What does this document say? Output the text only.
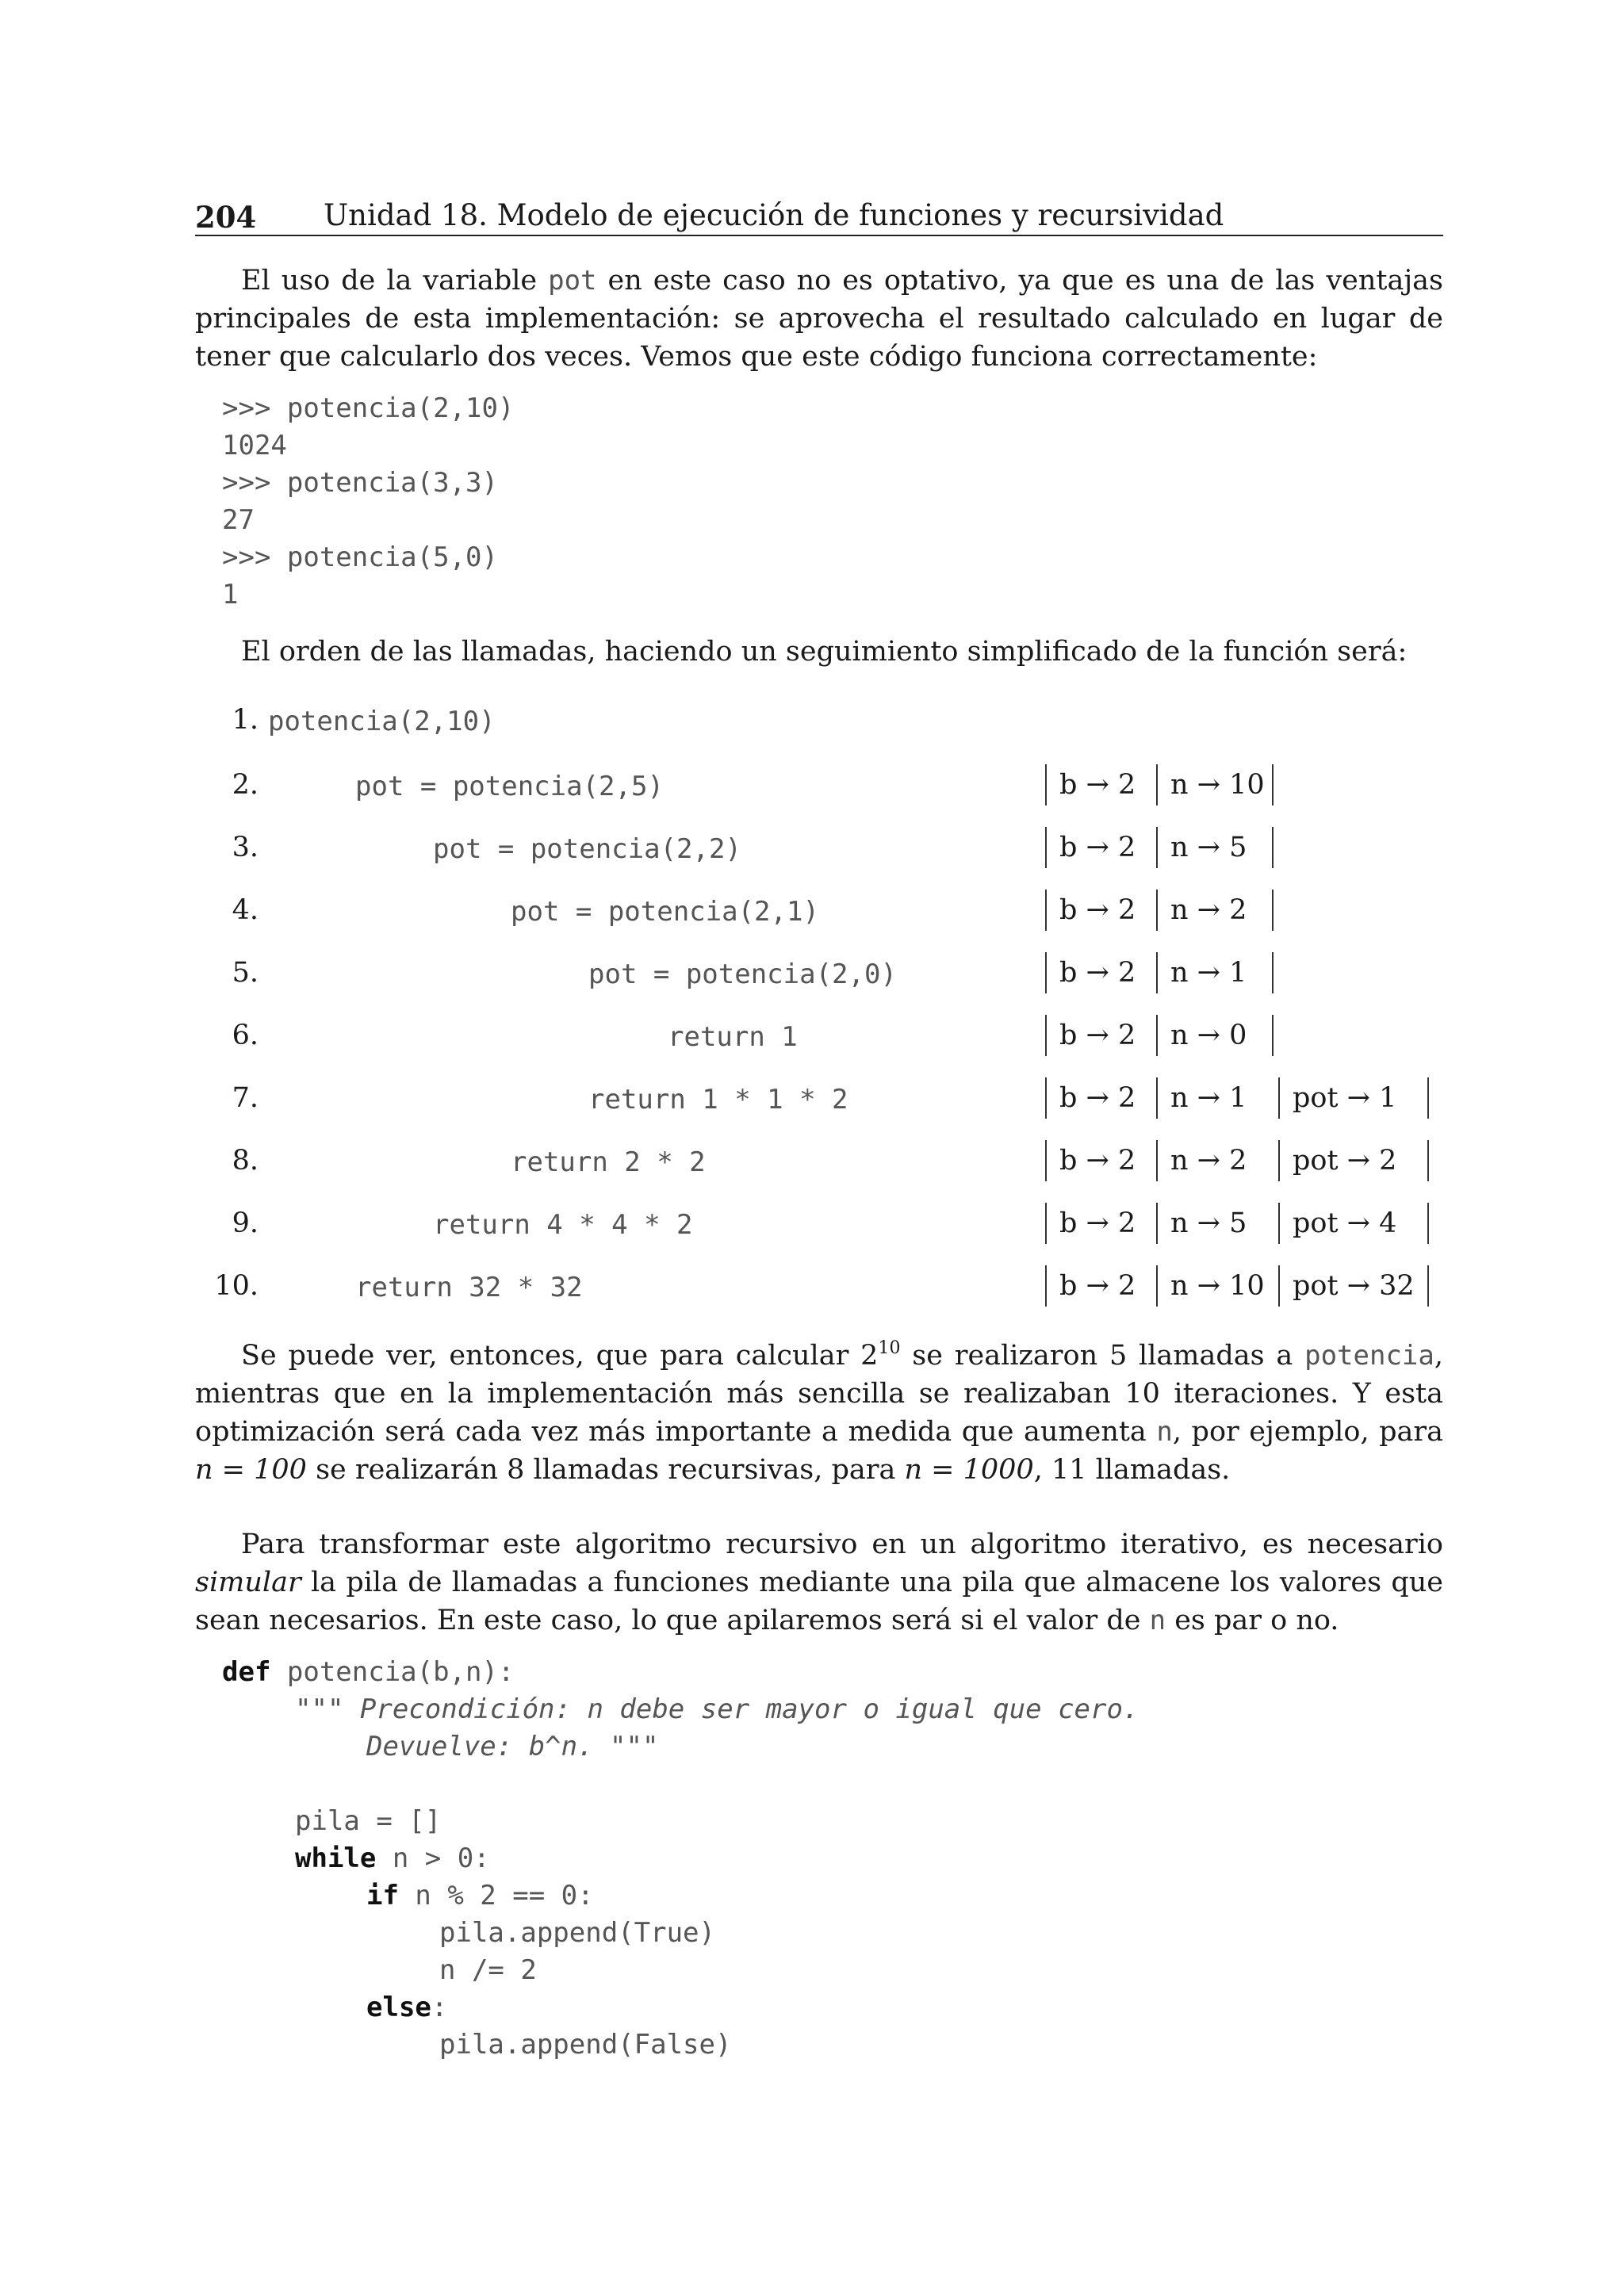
204 Unidad 18. Modelo de ejecución de funciones y recursividad

El uso de la variable pot en este caso no es optativo, ya que es una de las ventajas principales de esta implementación: se aprovecha el resultado calculado en lugar de tener que calcularlo dos veces. Vemos que este código funciona correctamente:

>>> potencia(2,10)
1024
>>> potencia(3,3)
27
>>> potencia(5,0)
1

El orden de las llamadas, haciendo un seguimiento simplificado de la función será:

1. potencia(2,10)
2.	pot = potencia(2,5)	b → 2	n → 10
3.	pot = potencia(2,2)	b → 2	n → 5
4.	pot = potencia(2,1)	b → 2	n → 2
5.	pot = potencia(2,0)	b → 2	n → 1
6.	return 1	b → 2	n → 0
7.	return 1 * 1 * 2	b → 2	n → 1	pot → 1
8.	return 2 * 2	b → 2	n → 2	pot → 2
9.	return 4 * 4 * 2	b → 2	n → 5	pot → 4
10.	return 32 * 32	b → 2	n → 10	pot → 32

Se puede ver, entonces, que para calcular $2^{10}$ se realizaron 5 llamadas a potencia, mientras que en la implementación más sencilla se realizaban 10 iteraciones. Y esta optimización será cada vez más importante a medida que aumenta n, por ejemplo, para n = 100 se realizarán 8 llamadas recursivas, para n = 1000, 11 llamadas.

Para transformar este algoritmo recursivo en un algoritmo iterativo, es necesario simular la pila de llamadas a funciones mediante una pila que almacene los valores que sean necesarios. En este caso, lo que apilaremos será si el valor de n es par o no.

def potencia(b,n):
""" Precondición: n debe ser mayor o igual que cero.
Devuelve: b^n. """
pila = []
while n > 0:
if n % 2 == 0:
pila.append(True)
n /= 2
else:
pila.append(False)
